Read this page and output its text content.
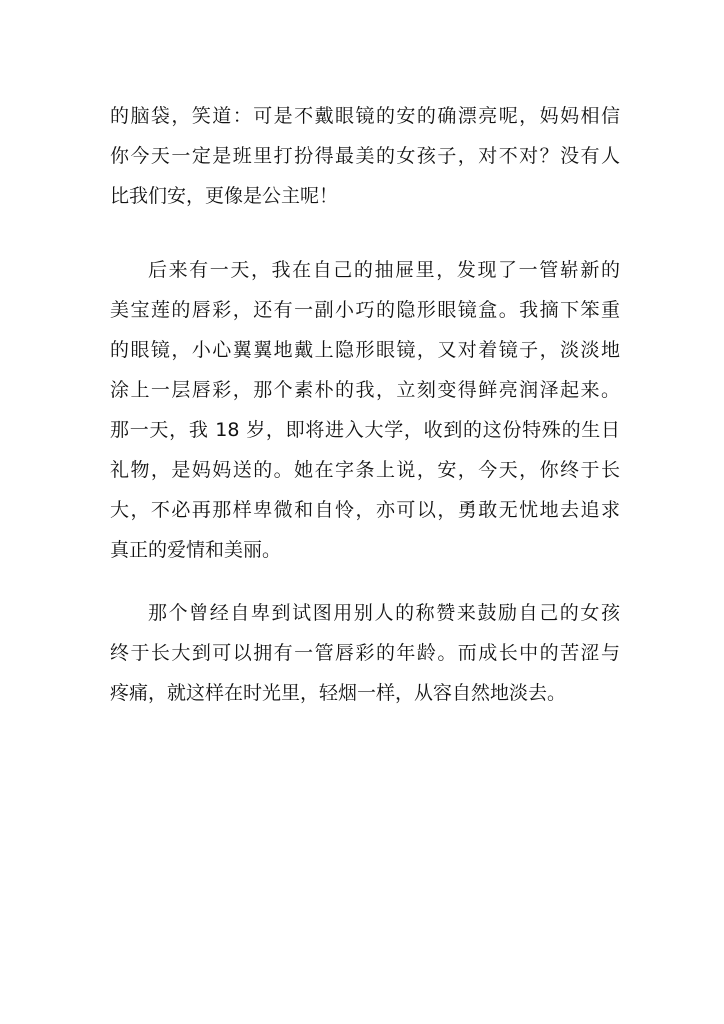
的脑袋，笑道：可是不戴眼镜的安的确漂亮呢，妈妈相信
你今天一定是班里打扮得最美的女孩子，对不对？没有人
比我们安，更像是公主呢！
后来有一天，我在自己的抽屉里，发现了一管崭新的
美宝莲的唇彩，还有一副小巧的隐形眼镜盒。我摘下笨重
的眼镜，小心翼翼地戴上隐形眼镜，又对着镜子，淡淡地
涂上一层唇彩，那个素朴的我，立刻变得鲜亮润泽起来。
那一天，我 18 岁，即将进入大学，收到的这份特殊的生日
礼物，是妈妈送的。她在字条上说，安，今天，你终于长
大，不必再那样卑微和自怜，亦可以，勇敢无忧地去追求
真正的爱情和美丽。
那个曾经自卑到试图用别人的称赞来鼓励自己的女孩
终于长大到可以拥有一管唇彩的年龄。而成长中的苦涩与
疼痛，就这样在时光里，轻烟一样，从容自然地淡去。
